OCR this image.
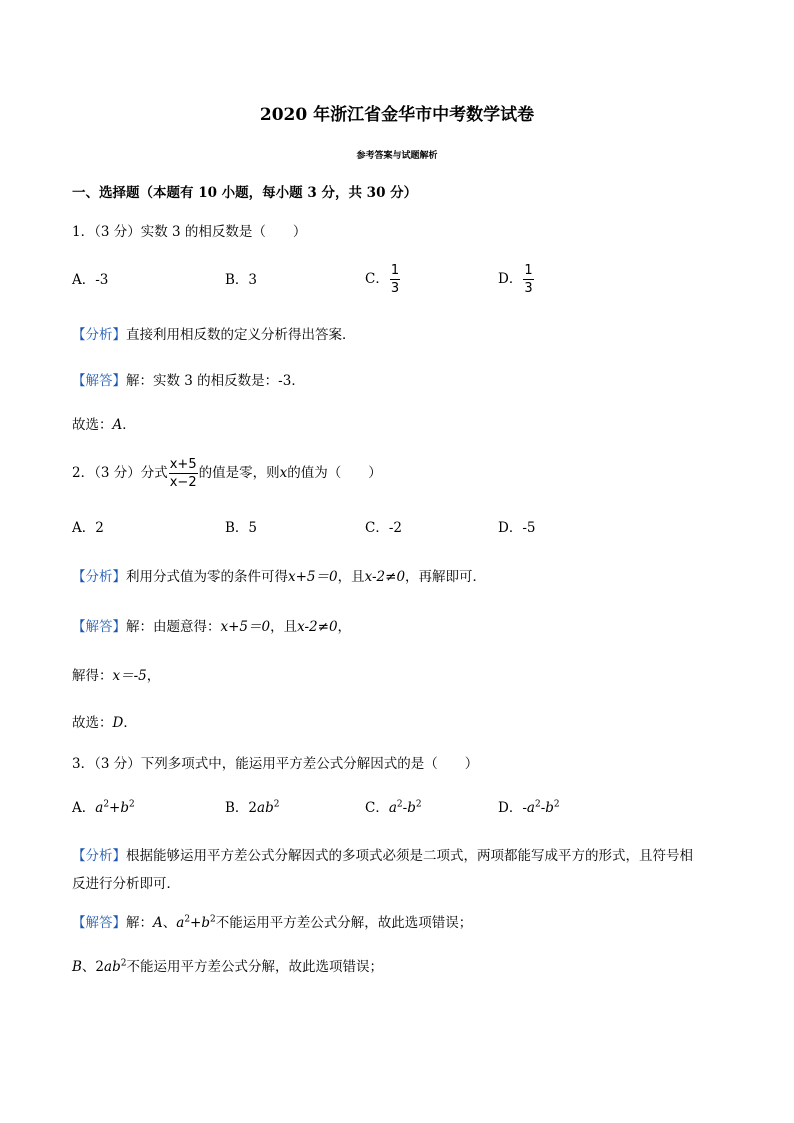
2020 年浙江省金华市中考数学试卷
参考答案与试题解析
一、选择题（本题有 10 小题，每小题 3 分，共 30 分）
1．（3 分）实数 3 的相反数是（　　）
A．-3	B．3	C． $\frac{1}{3}$	D． $\frac{1}{3}$
【分析】直接利用相反数的定义分析得出答案．
【解答】解：实数 3 的相反数是：-3．
故选：A．
2．（3 分）分式 $\frac{x+5}{x-2}$ 的值是零，则x的值为（　　）
A．2	B．5	C．-2	D．-5
【分析】利用分式值为零的条件可得x+5＝0，且x-2≠0，再解即可．
【解答】解：由题意得：x+5＝0，且x-2≠0，
解得：x＝-5，
故选：D．
3．（3 分）下列多项式中，能运用平方差公式分解因式的是（　　）
A．$a^2+b^2$	B．$2ab^2$	C．$a^2-b^2$	D．$-a^2-b^2$
【分析】根据能够运用平方差公式分解因式的多项式必须是二项式，两项都能写成平方的形式，且符号相
反进行分析即可．
【解答】解：A、$a^2+b^2$不能运用平方差公式分解，故此选项错误；
B、$2ab^2$不能运用平方差公式分解，故此选项错误；
